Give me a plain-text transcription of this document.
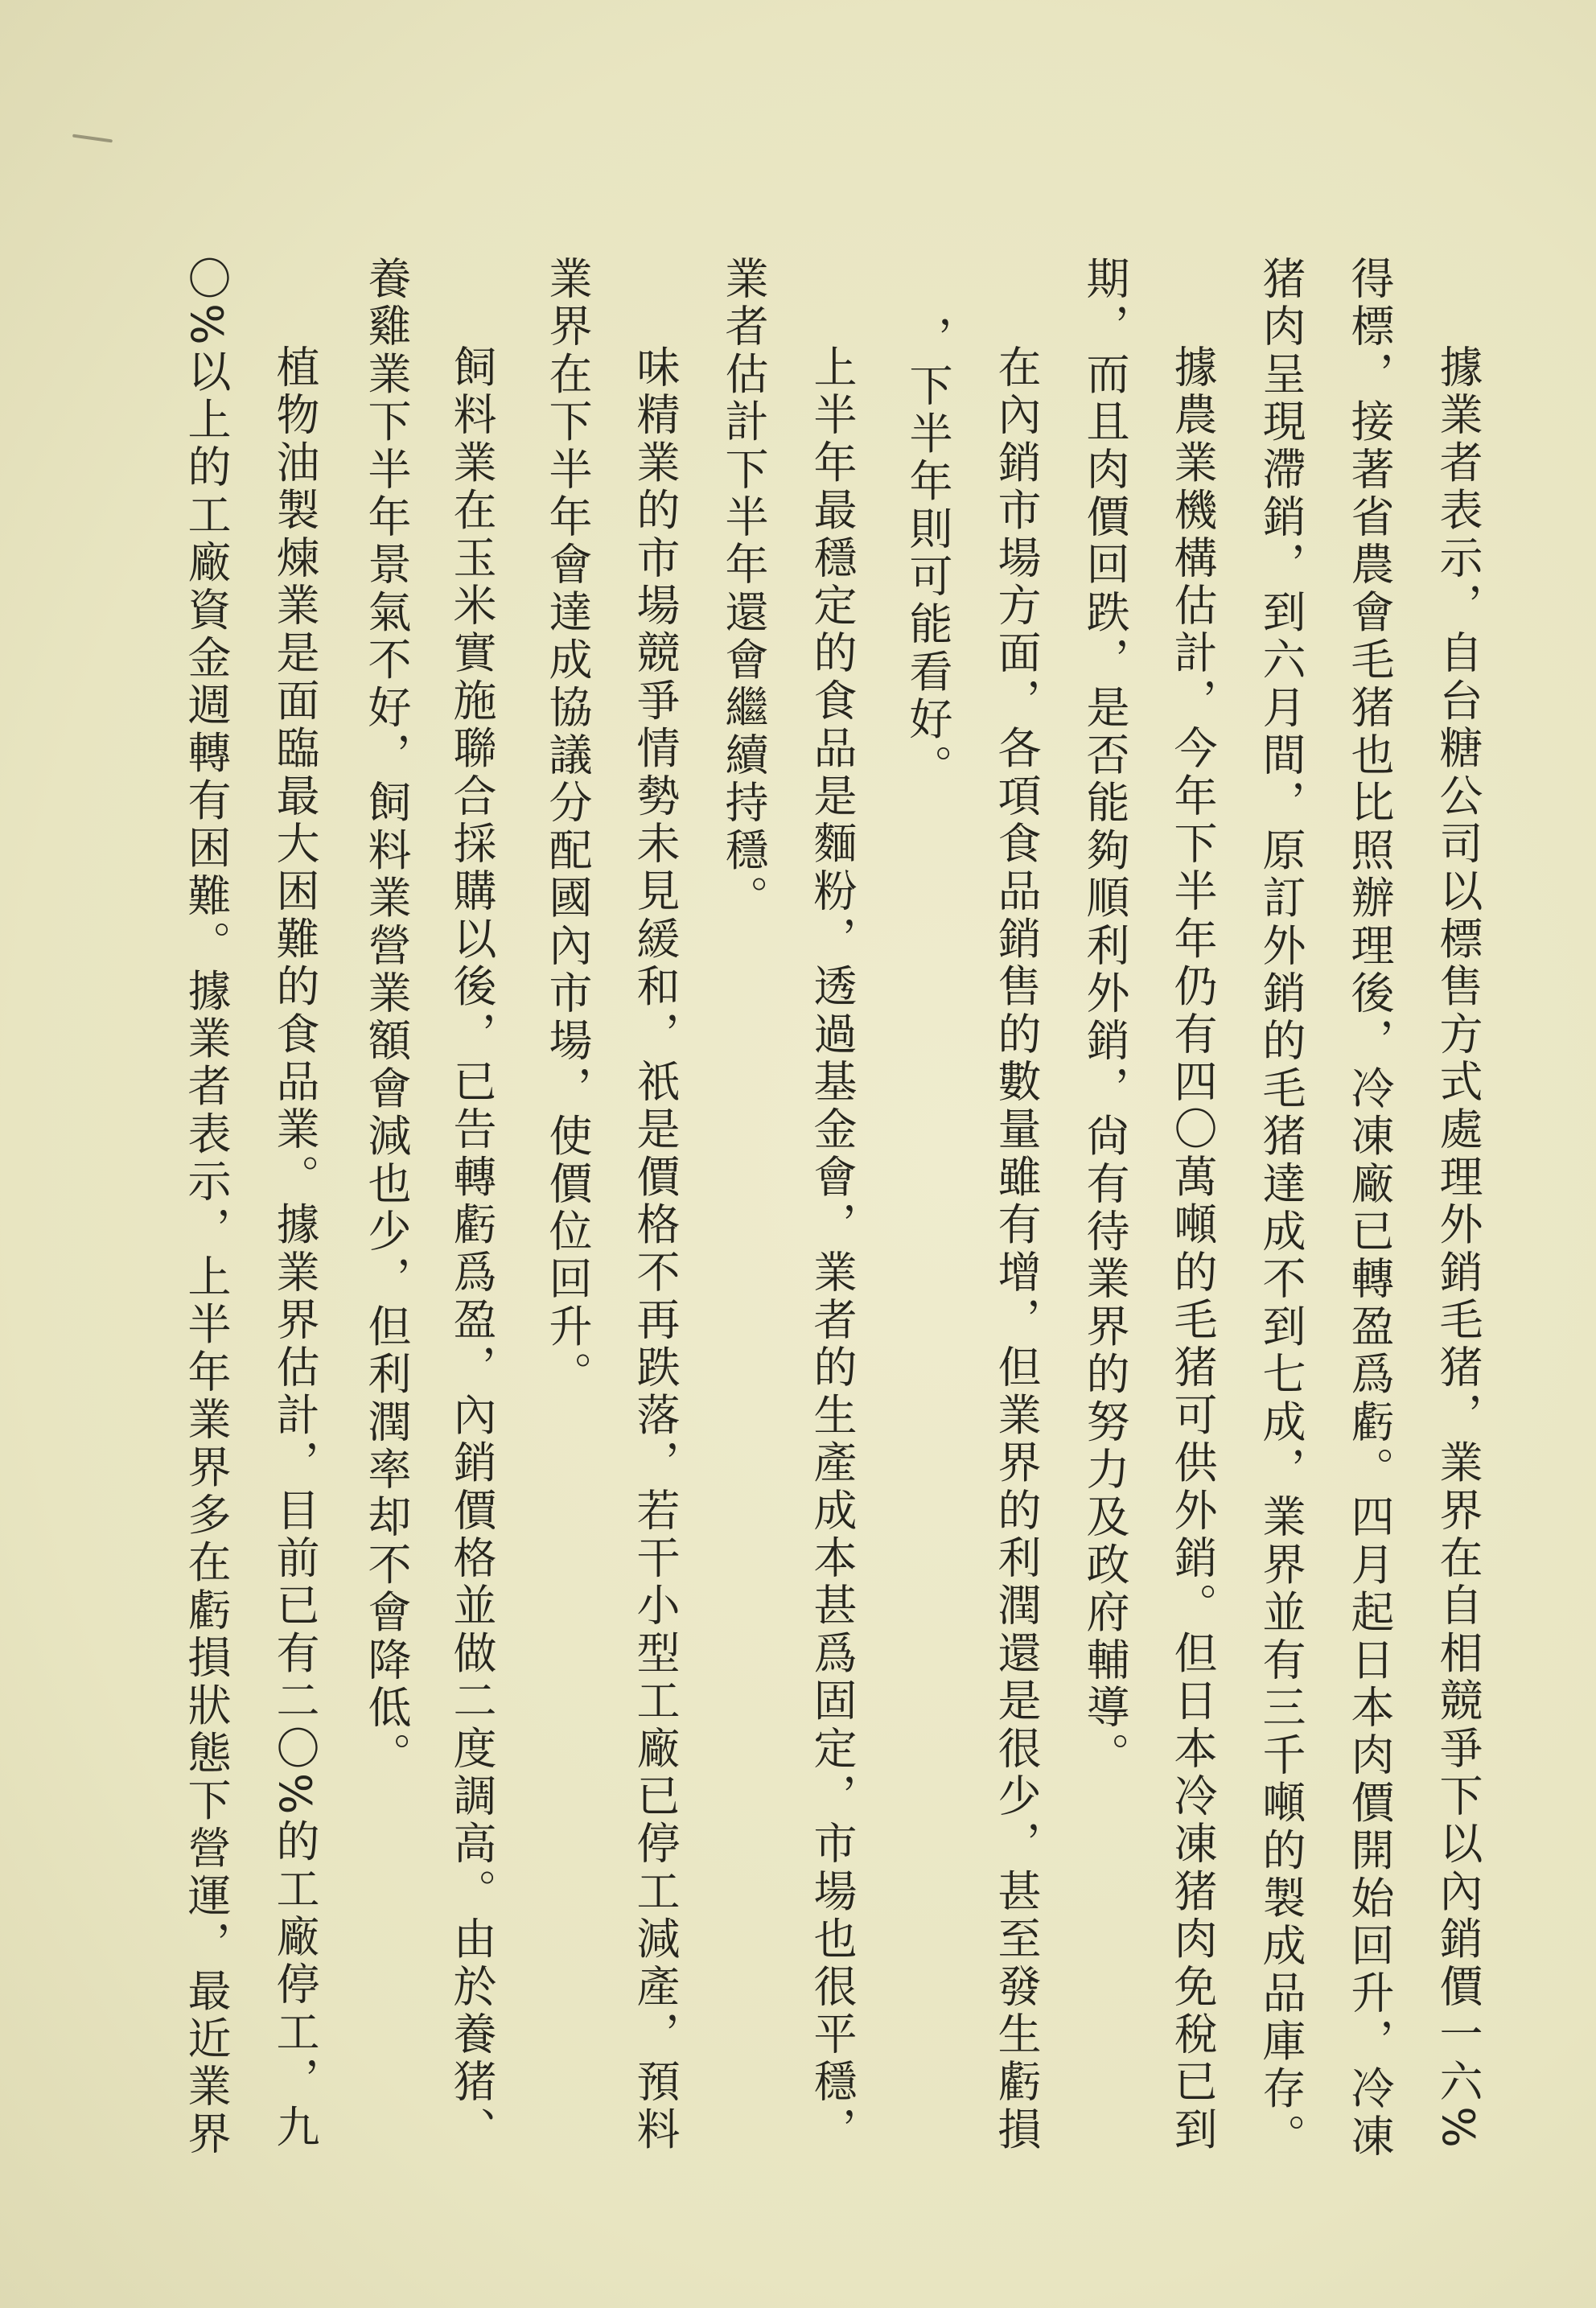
據業者表示，自台糖公司以標售方式處理外銷毛猪，業界在自相競爭下以內銷價一六%
得標，接著省農會毛猪也比照辦理後，冷凍廠已轉盈爲虧。四月起日本肉價開始回升，冷凍
猪肉呈現滯銷，到六月間，原訂外銷的毛猪達成不到七成，業界並有三千噸的製成品庫存。
據農業機構估計，今年下半年仍有四〇萬噸的毛猪可供外銷。但日本冷凍猪肉免稅已到
期，而且肉價回跌，是否能夠順利外銷，尙有待業界的努力及政府輔導。
在內銷市場方面，各項食品銷售的數量雖有增，但業界的利潤還是很少，甚至發生虧損
，下半年則可能看好。
上半年最穩定的食品是麵粉，透過基金會，業者的生產成本甚爲固定，市場也很平穩，
業者估計下半年還會繼續持穩。
味精業的市場競爭情勢未見緩和，祇是價格不再跌落，若干小型工廠已停工減產，預料
業界在下半年會達成協議分配國內市場，使價位回升。
飼料業在玉米實施聯合採購以後，已告轉虧爲盈，內銷價格並做二度調高。由於養猪、
養雞業下半年景氣不好，飼料業營業額會減也少，但利潤率却不會降低。
植物油製煉業是面臨最大困難的食品業。據業界估計，目前已有二〇%的工廠停工，九
〇%以上的工廠資金週轉有困難。據業者表示，上半年業界多在虧損狀態下營運，最近業界
